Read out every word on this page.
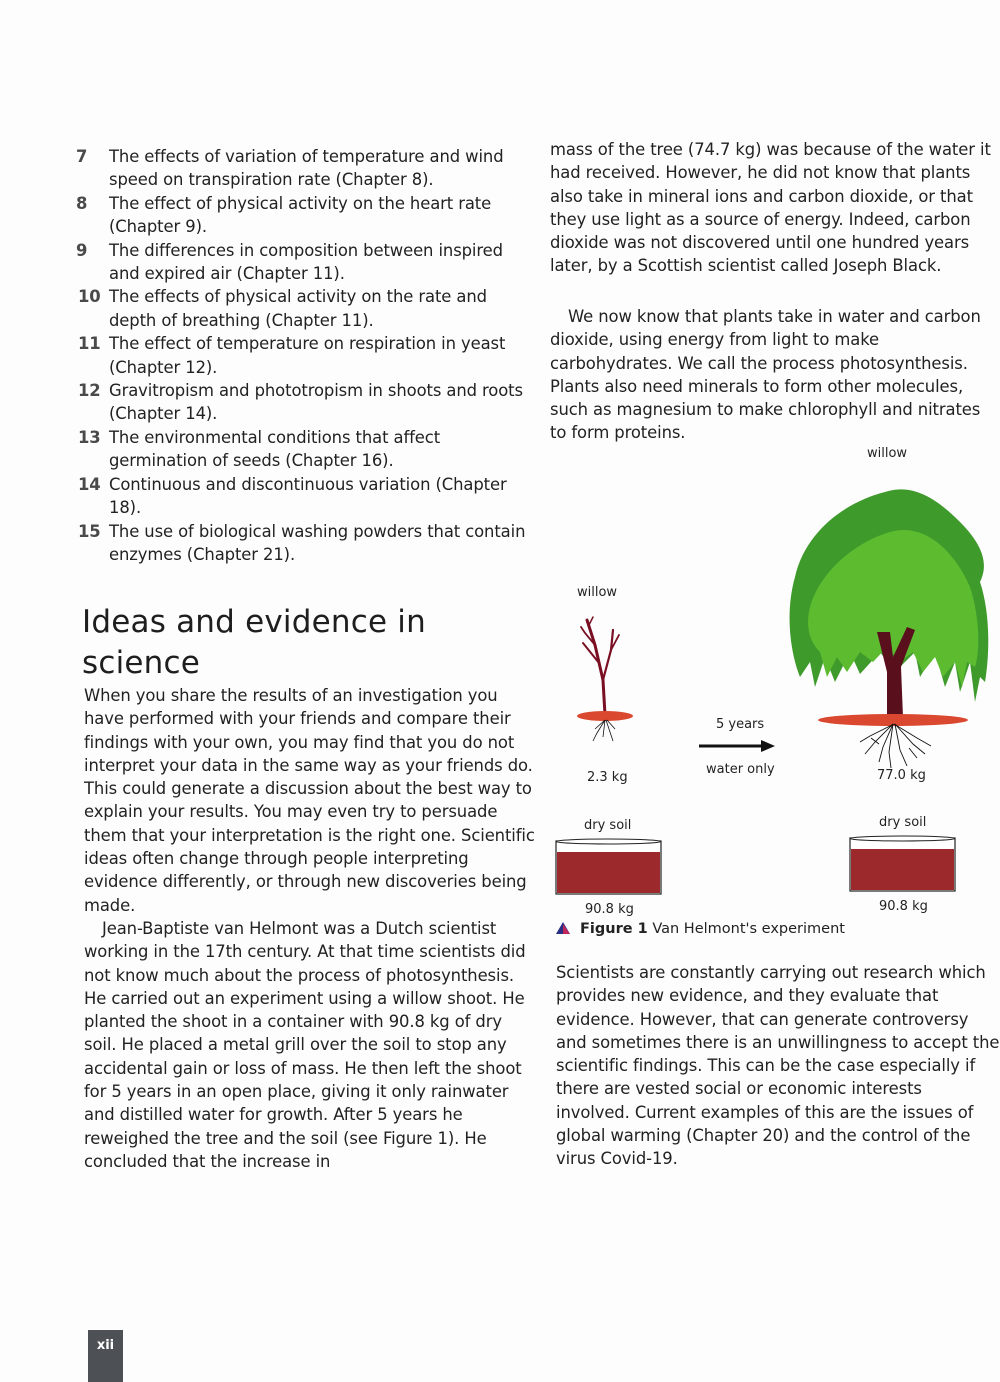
7	The effects of variation of temperature and wind speed on transpiration rate (Chapter 8).
8	The effect of physical activity on the heart rate (Chapter 9).
9	The differences in composition between inspired and expired air (Chapter 11).
10 The effects of physical activity on the rate and depth of breathing (Chapter 11).
11 The effect of temperature on respiration in yeast (Chapter 12).
12 Gravitropism and phototropism in shoots and roots (Chapter 14).
13 The environmental conditions that affect germination of seeds (Chapter 16).
14 Continuous and discontinuous variation (Chapter 18).
15 The use of biological washing powders that contain enzymes (Chapter 21).
Ideas and evidence in science

When you share the results of an investigation you have performed with your friends and compare their findings with your own, you may find that you do not interpret your data in the same way as your friends do. This could generate a discussion about the best way to explain your results. You may even try to persuade them that your interpretation is the right one. Scientific ideas often change through people interpreting evidence differently, or through new discoveries being made.

Jean-Baptiste van Helmont was a Dutch scientist working in the 17th century. At that time scientists did not know much about the process of photosynthesis. He carried out an experiment using a willow shoot. He planted the shoot in a container with 90.8 kg of dry soil. He placed a metal grill over the soil to stop any accidental gain or loss of mass. He then left the shoot for 5 years in an open place, giving it only rainwater and distilled water for growth. After 5 years he reweighed the tree and the soil (see Figure 1). He concluded that the increase in

mass of the tree (74.7 kg) was because of the water it had received. However, he did not know that plants also take in mineral ions and carbon dioxide, or that they use light as a source of energy. Indeed, carbon dioxide was not discovered until one hundred years later, by a Scottish scientist called Joseph Black.

We now know that plants take in water and carbon dioxide, using energy from light to make carbohydrates. We call the process photosynthesis. Plants also need minerals to form other molecules, such as magnesium to make chlorophyll and nitrates to form proteins.

willow
willow
2.3 kg	77.0 kg
5 years
water only
dry soil
90.8 kg
dry soil
90.8 kg
Figure 1 Van Helmont's experiment

Scientists are constantly carrying out research which provides new evidence, and they evaluate that evidence. However, that can generate controversy and sometimes there is an unwillingness to accept the scientific findings. This can be the case especially if there are vested social or economic interests involved. Current examples of this are the issues of global warming (Chapter 20) and the control of the virus Covid-19.

xii
